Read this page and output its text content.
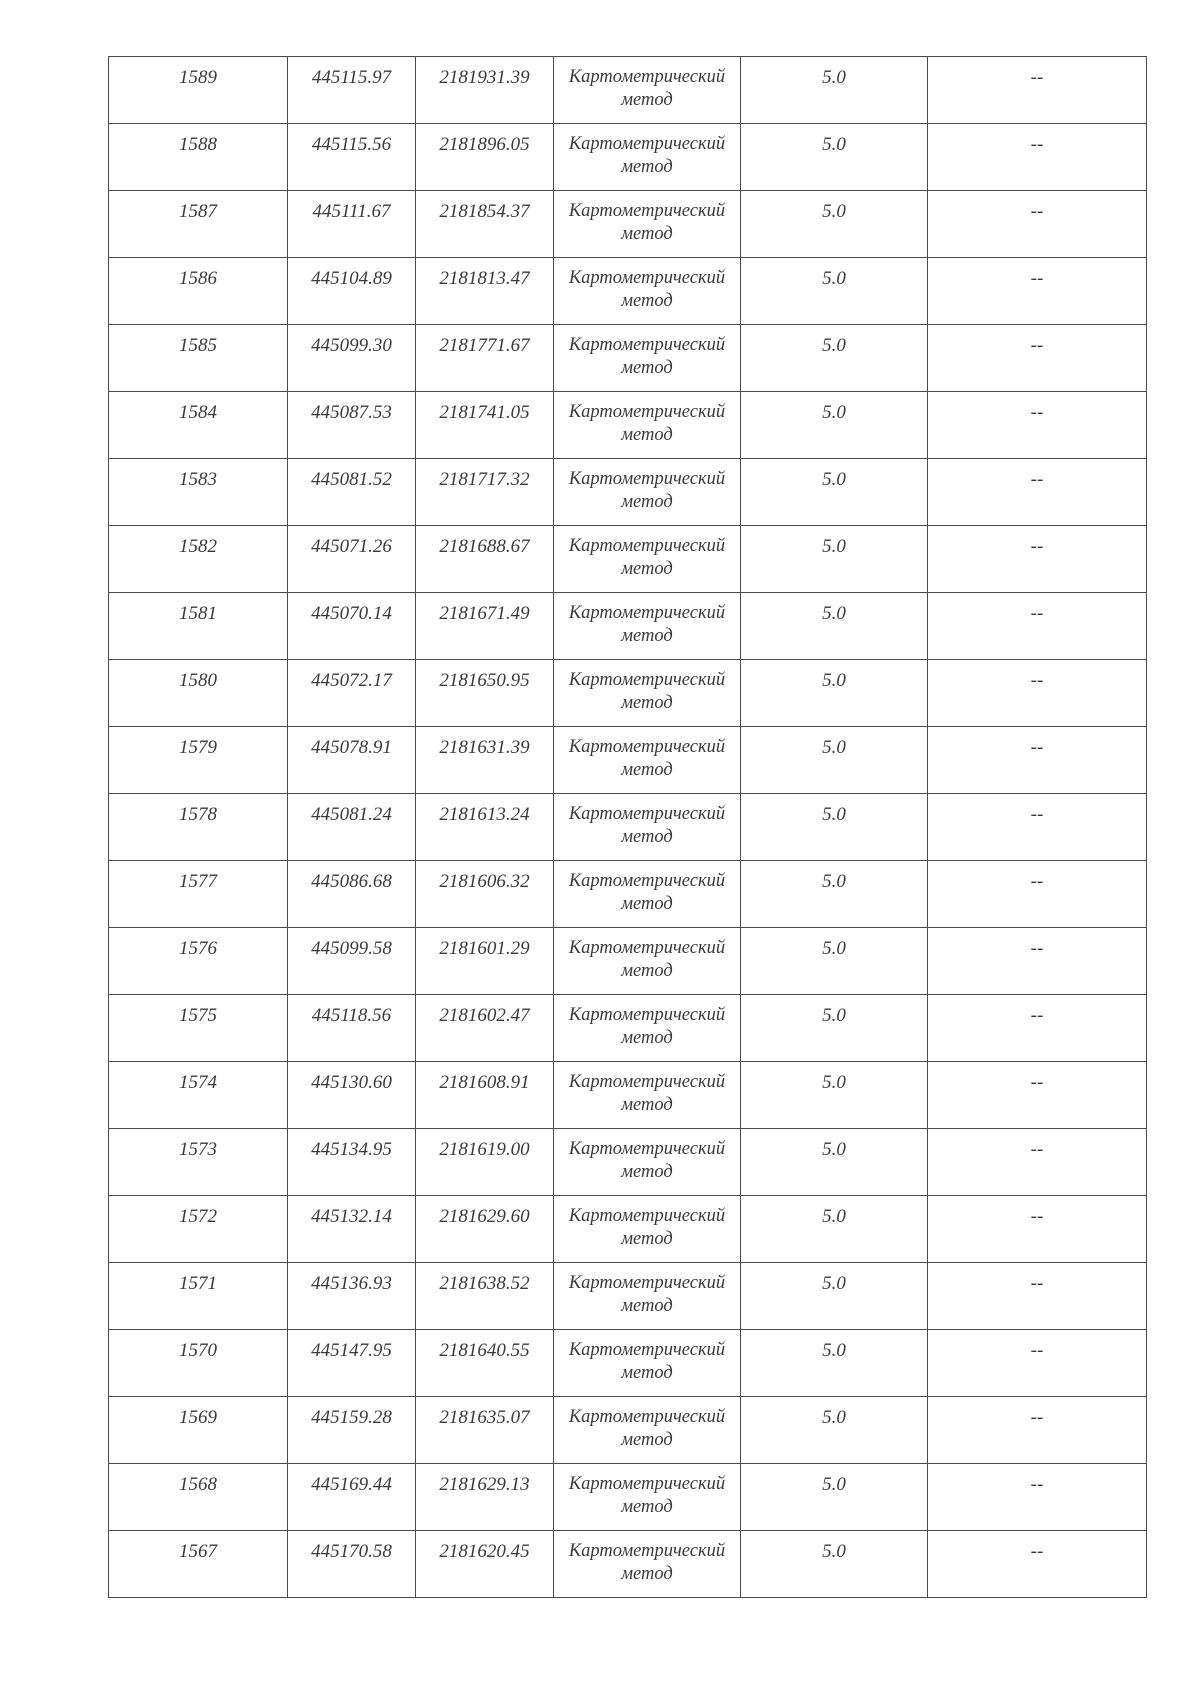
1589	445115.97	2181931.39	Картометрический
метод	5.0	--

1588	445115.56	2181896.05	Картометрический
метод	5.0	--

1587	445111.67	2181854.37	Картометрический
метод	5.0	--

1586	445104.89	2181813.47	Картометрический
метод	5.0	--

1585	445099.30	2181771.67	Картометрический
метод	5.0	--

1584	445087.53	2181741.05	Картометрический
метод	5.0	--

1583	445081.52	2181717.32	Картометрический
метод	5.0	--

1582	445071.26	2181688.67	Картометрический
метод	5.0	--

1581	445070.14	2181671.49	Картометрический
метод	5.0	--

1580	445072.17	2181650.95	Картометрический
метод	5.0	--

1579	445078.91	2181631.39	Картометрический
метод	5.0	--

1578	445081.24	2181613.24	Картометрический
метод	5.0	--

1577	445086.68	2181606.32	Картометрический
метод	5.0	--

1576	445099.58	2181601.29	Картометрический
метод	5.0	--

1575	445118.56	2181602.47	Картометрический
метод	5.0	--

1574	445130.60	2181608.91	Картометрический
метод	5.0	--

1573	445134.95	2181619.00	Картометрический
метод	5.0	--

1572	445132.14	2181629.60	Картометрический
метод	5.0	--

1571	445136.93	2181638.52	Картометрический
метод	5.0	--

1570	445147.95	2181640.55	Картометрический
метод	5.0	--

1569	445159.28	2181635.07	Картометрический
метод	5.0	--

1568	445169.44	2181629.13	Картометрический
метод	5.0	--

1567	445170.58	2181620.45	Картометрический
метод	5.0	--
